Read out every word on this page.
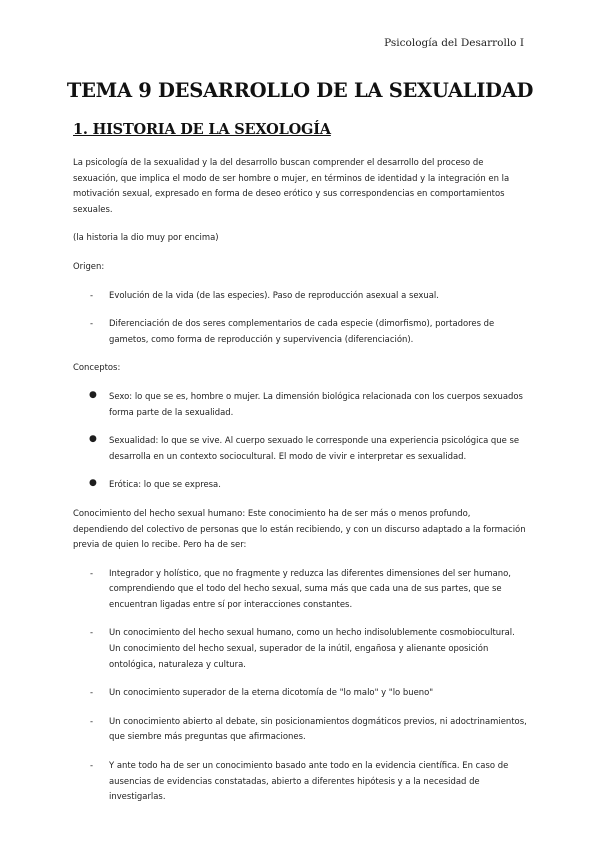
Psicología del Desarrollo I
TEMA 9 DESARROLLO DE LA SEXUALIDAD
1. HISTORIA DE LA SEXOLOGÍA

La psicología de la sexualidad y la del desarrollo buscan comprender el desarrollo del proceso de sexuación, que implica el modo de ser hombre o mujer, en términos de identidad y la integración en la motivación sexual, expresado en forma de deseo erótico y sus correspondencias en comportamientos sexuales.

(la historia la dio muy por encima)

Origen:

- Evolución de la vida (de las especies). Paso de reproducción asexual a sexual.
- Diferenciación de dos seres complementarios de cada especie (dimorfismo), portadores de gametos, como forma de reproducción y supervivencia (diferenciación).

Conceptos:

● Sexo: lo que se es, hombre o mujer. La dimensión biológica relacionada con los cuerpos sexuados forma parte de la sexualidad.
● Sexualidad: lo que se vive. Al cuerpo sexuado le corresponde una experiencia psicológica que se desarrolla en un contexto sociocultural. El modo de vivir e interpretar es sexualidad.
● Erótica: lo que se expresa.

Conocimiento del hecho sexual humano: Este conocimiento ha de ser más o menos profundo, dependiendo del colectivo de personas que lo están recibiendo, y con un discurso adaptado a la formación previa de quien lo recibe. Pero ha de ser:

- Integrador y holístico, que no fragmente y reduzca las diferentes dimensiones del ser humano, comprendiendo que el todo del hecho sexual, suma más que cada una de sus partes, que se encuentran ligadas entre sí por interacciones constantes.
- Un conocimiento del hecho sexual humano, como un hecho indisolublemente cosmobiocultural. Un conocimiento del hecho sexual, superador de la inútil, engañosa y alienante oposición ontológica, naturaleza y cultura.
- Un conocimiento superador de la eterna dicotomía de "lo malo" y "lo bueno"
- Un conocimiento abierto al debate, sin posicionamientos dogmáticos previos, ni adoctrinamientos, que siembre más preguntas que afirmaciones.
- Y ante todo ha de ser un conocimiento basado ante todo en la evidencia científica. En caso de ausencias de evidencias constatadas, abierto a diferentes hipótesis y a la necesidad de investigarlas.
